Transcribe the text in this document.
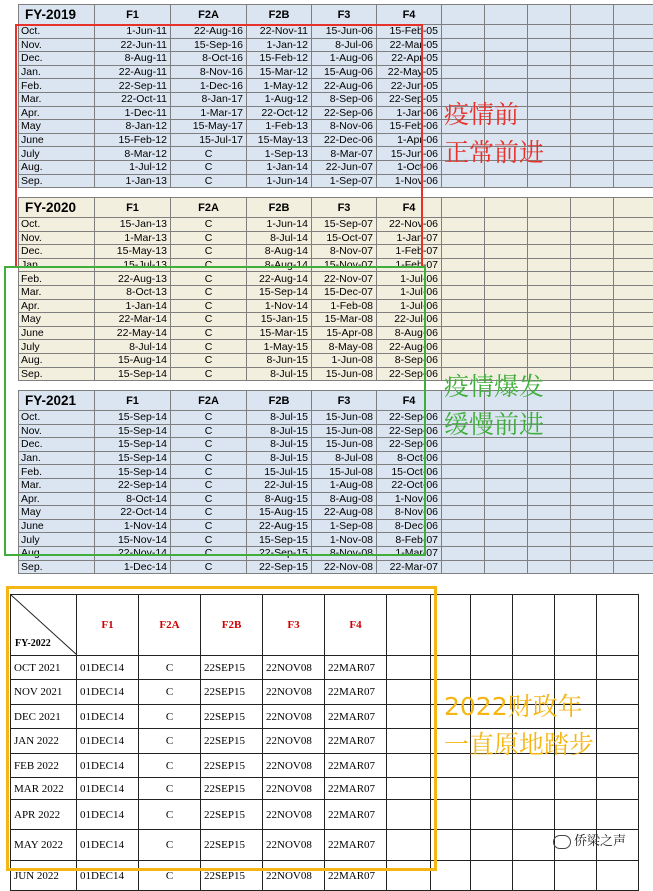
FY-2019	F1	F2A	F2B	F3	F4					
Oct.	1-Jun-11	22-Aug-16	22-Nov-11	15-Jun-06	15-Feb-05					
Nov.	22-Jun-11	15-Sep-16	1-Jan-12	8-Jul-06	22-Mar-05					
Dec.	8-Aug-11	8-Oct-16	15-Feb-12	1-Aug-06	22-Apr-05					
Jan.	22-Aug-11	8-Nov-16	15-Mar-12	15-Aug-06	22-May-05					
Feb.	22-Sep-11	1-Dec-16	1-May-12	22-Aug-06	22-Jun-05					
Mar.	22-Oct-11	8-Jan-17	1-Aug-12	8-Sep-06	22-Sep-05					
Apr.	1-Dec-11	1-Mar-17	22-Oct-12	22-Sep-06	1-Jan-06					
May	8-Jan-12	15-May-17	1-Feb-13	8-Nov-06	15-Feb-06					
June	15-Feb-12	15-Jul-17	15-May-13	22-Dec-06	1-Apr-06					
July	8-Mar-12	C	1-Sep-13	8-Mar-07	15-Jun-06					
Aug.	1-Jul-12	C	1-Jan-14	22-Jun-07	1-Oct-06					
Sep.	1-Jan-13	C	1-Jun-14	1-Sep-07	1-Nov-06					
FY-2020	F1	F2A	F2B	F3	F4					
Oct.	15-Jan-13	C	1-Jun-14	15-Sep-07	22-Nov-06					
Nov.	1-Mar-13	C	8-Jul-14	15-Oct-07	1-Jan-07					
Dec.	15-May-13	C	8-Aug-14	8-Nov-07	1-Feb-07					
Jan.	15-Jul-13	C	8-Aug-14	15-Nov-07	1-Feb-07					
Feb.	22-Aug-13	C	22-Aug-14	22-Nov-07	1-Jul-06					
Mar.	8-Oct-13	C	15-Sep-14	15-Dec-07	1-Jul-06					
Apr.	1-Jan-14	C	1-Nov-14	1-Feb-08	1-Jul-06					
May	22-Mar-14	C	15-Jan-15	15-Mar-08	22-Jul-06					
June	22-May-14	C	15-Mar-15	15-Apr-08	8-Aug-06					
July	8-Jul-14	C	1-May-15	8-May-08	22-Aug-06					
Aug.	15-Aug-14	C	8-Jun-15	1-Jun-08	8-Sep-06					
Sep.	15-Sep-14	C	8-Jul-15	15-Jun-08	22-Sep-06					
FY-2021	F1	F2A	F2B	F3	F4					
Oct.	15-Sep-14	C	8-Jul-15	15-Jun-08	22-Sep-06					
Nov.	15-Sep-14	C	8-Jul-15	15-Jun-08	22-Sep-06					
Dec.	15-Sep-14	C	8-Jul-15	15-Jun-08	22-Sep-06					
Jan.	15-Sep-14	C	8-Jul-15	8-Jul-08	8-Oct-06					
Feb.	15-Sep-14	C	15-Jul-15	15-Jul-08	15-Oct-06					
Mar.	22-Sep-14	C	22-Jul-15	1-Aug-08	22-Oct-06					
Apr.	8-Oct-14	C	8-Aug-15	8-Aug-08	1-Nov-06					
May	22-Oct-14	C	15-Aug-15	22-Aug-08	8-Nov-06					
June	1-Nov-14	C	22-Aug-15	1-Sep-08	8-Dec-06					
July	15-Nov-14	C	15-Sep-15	1-Nov-08	8-Feb-07					
Aug.	22-Nov-14	C	22-Sep-15	8-Nov-08	1-Mar-07					
Sep.	1-Dec-14	C	22-Sep-15	22-Nov-08	22-Mar-07					
FY-2022	F1	F2A	F2B	F3	F4						
OCT 2021	01DEC14	C	22SEP15	22NOV08	22MAR07						
NOV 2021	01DEC14	C	22SEP15	22NOV08	22MAR07						
DEC 2021	01DEC14	C	22SEP15	22NOV08	22MAR07						
JAN 2022	01DEC14	C	22SEP15	22NOV08	22MAR07						
FEB 2022	01DEC14	C	22SEP15	22NOV08	22MAR07						
MAR 2022	01DEC14	C	22SEP15	22NOV08	22MAR07						
APR 2022	01DEC14	C	22SEP15	22NOV08	22MAR07						
MAY 2022	01DEC14	C	22SEP15	22NOV08	22MAR07						
JUN 2022	01DEC14	C	22SEP15	22NOV08	22MAR07						
疫情前
正常前进
疫情爆发
缓慢前进
2022财政年
一直原地踏步
侨梁之声
